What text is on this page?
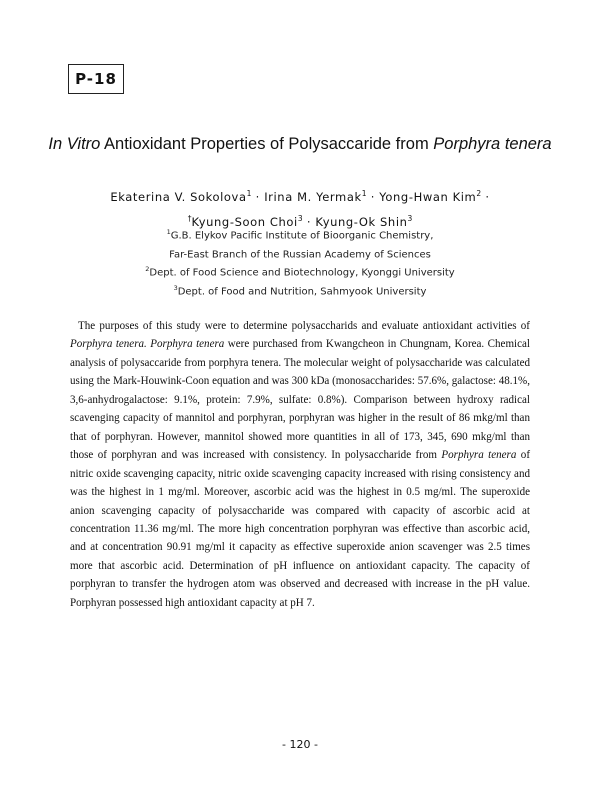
P-18
In Vitro Antioxidant Properties of Polysaccaride from Porphyra tenera
Ekaterina V. Sokolova$^1$ · Irina M. Yermak$^1$ · Yong-Hwan Kim$^2$ ·
†Kyung-Soon Choi$^3$ · Kyung-Ok Shin$^3$
$^1$G.B. Elykov Pacific Institute of Bioorganic Chemistry,
Far-East Branch of the Russian Academy of Sciences
$^2$Dept. of Food Science and Biotechnology, Kyonggi University
$^3$Dept. of Food and Nutrition, Sahmyook University

The purposes of this study were to determine polysaccharids and evaluate antioxidant activities of Porphyra tenera. Porphyra tenera were purchased from Kwangcheon in Chungnam, Korea. Chemical analysis of polysaccaride from porphyra tenera. The molecular weight of polysaccharide was calculated using the Mark-Houwink-Coon equation and was 300 kDa (monosaccharides: 57.6%, galactose: 48.1%, 3,6-anhydrogalactose: 9.1%, protein: 7.9%, sulfate: 0.8%). Comparison between hydroxy radical scavenging capacity of mannitol and porphyran, porphyran was higher in the result of 86 mkg/ml than that of porphyran. However, mannitol showed more quantities in all of 173, 345, 690 mkg/ml than those of porphyran and was increased with consistency. In polysaccharide from Porphyra tenera of nitric oxide scavenging capacity, nitric oxide scavenging capacity increased with rising consistency and was the highest in 1 mg/ml. Moreover, ascorbic acid was the highest in 0.5 mg/ml. The superoxide anion scavenging capacity of polysaccharide was compared with capacity of ascorbic acid at concentration 11.36 mg/ml. The more high concentration porphyran was effective than ascorbic acid, and at concentration 90.91 mg/ml it capacity as effective superoxide anion scavenger was 2.5 times more that ascorbic acid. Determination of pH influence on antioxidant capacity. The capacity of porphyran to transfer the hydrogen atom was observed and decreased with increase in the pH value. Porphyran possessed high antioxidant capacity at pH 7.

- 120 -
